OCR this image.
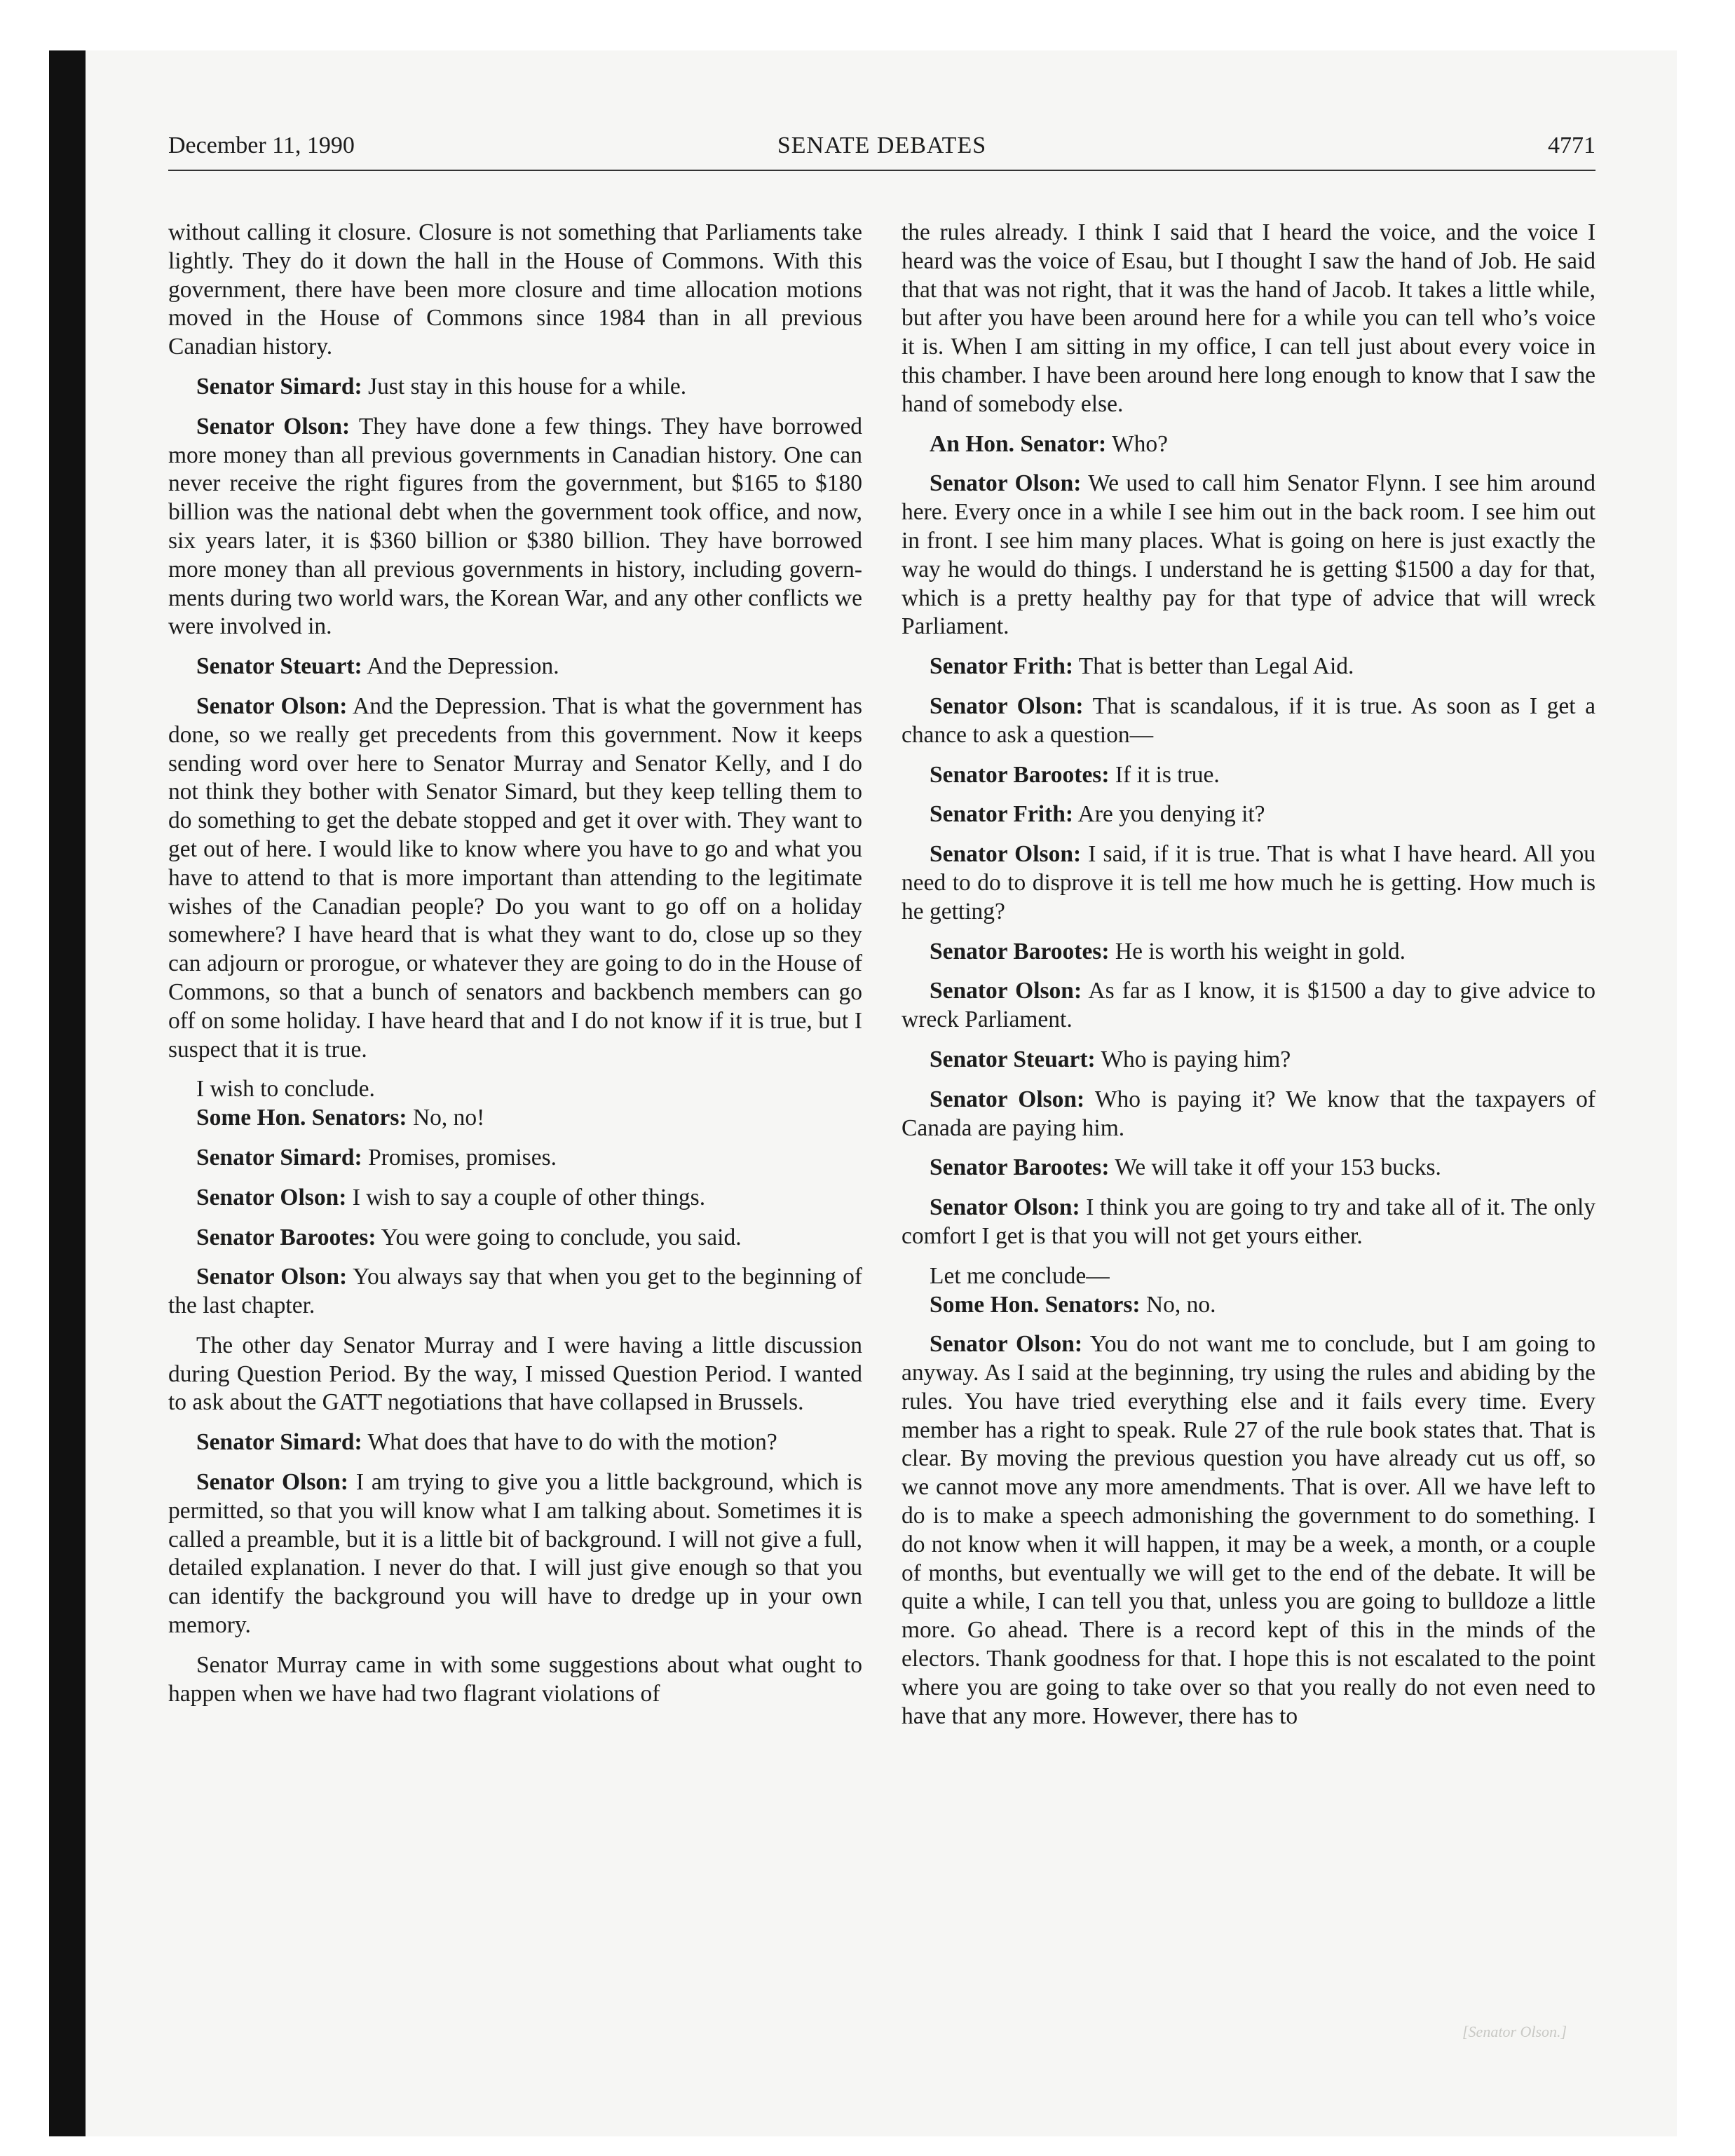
December 11, 1990	SENATE DEBATES	4771

without calling it closure. Closure is not something that Parliaments take lightly. They do it down the hall in the House of Commons. With this government, there have been more closure and time allocation motions moved in the House of Commons since 1984 than in all previous Canadian history.

Senator Simard: Just stay in this house for a while.

Senator Olson: They have done a few things. They have borrowed more money than all previous governments in Canadian history. One can never receive the right figures from the government, but $165 to $180 billion was the national debt when the government took office, and now, six years later, it is $360 billion or $380 billion. They have borrowed more money than all previous governments in history, including governments during two world wars, the Korean War, and any other conflicts we were involved in.

Senator Steuart: And the Depression.

Senator Olson: And the Depression. That is what the government has done, so we really get precedents from this government. Now it keeps sending word over here to Senator Murray and Senator Kelly, and I do not think they bother with Senator Simard, but they keep telling them to do something to get the debate stopped and get it over with. They want to get out of here. I would like to know where you have to go and what you have to attend to that is more important than attending to the legitimate wishes of the Canadian people? Do you want to go off on a holiday somewhere? I have heard that is what they want to do, close up so they can adjourn or prorogue, or whatever they are going to do in the House of Commons, so that a bunch of senators and backbench members can go off on some holiday. I have heard that and I do not know if it is true, but I suspect that it is true.

I wish to conclude.

Some Hon. Senators: No, no!

Senator Simard: Promises, promises.

Senator Olson: I wish to say a couple of other things.

Senator Barootes: You were going to conclude, you said.

Senator Olson: You always say that when you get to the beginning of the last chapter.

The other day Senator Murray and I were having a little discussion during Question Period. By the way, I missed Question Period. I wanted to ask about the GATT negotiations that have collapsed in Brussels.

Senator Simard: What does that have to do with the motion?

Senator Olson: I am trying to give you a little background, which is permitted, so that you will know what I am talking about. Sometimes it is called a preamble, but it is a little bit of background. I will not give a full, detailed explanation. I never do that. I will just give enough so that you can identify the background you will have to dredge up in your own memory.

Senator Murray came in with some suggestions about what ought to happen when we have had two flagrant violations of

the rules already. I think I said that I heard the voice, and the voice I heard was the voice of Esau, but I thought I saw the hand of Job. He said that that was not right, that it was the hand of Jacob. It takes a little while, but after you have been around here for a while you can tell who’s voice it is. When I am sitting in my office, I can tell just about every voice in this chamber. I have been around here long enough to know that I saw the hand of somebody else.

An Hon. Senator: Who?

Senator Olson: We used to call him Senator Flynn. I see him around here. Every once in a while I see him out in the back room. I see him out in front. I see him many places. What is going on here is just exactly the way he would do things. I understand he is getting $1500 a day for that, which is a pretty healthy pay for that type of advice that will wreck Parliament.

Senator Frith: That is better than Legal Aid.

Senator Olson: That is scandalous, if it is true. As soon as I get a chance to ask a question—

Senator Barootes: If it is true.

Senator Frith: Are you denying it?

Senator Olson: I said, if it is true. That is what I have heard. All you need to do to disprove it is tell me how much he is getting. How much is he getting?

Senator Barootes: He is worth his weight in gold.

Senator Olson: As far as I know, it is $1500 a day to give advice to wreck Parliament.

Senator Steuart: Who is paying him?

Senator Olson: Who is paying it? We know that the taxpayers of Canada are paying him.

Senator Barootes: We will take it off your 153 bucks.

Senator Olson: I think you are going to try and take all of it. The only comfort I get is that you will not get yours either.

Let me conclude—

Some Hon. Senators: No, no.

Senator Olson: You do not want me to conclude, but I am going to anyway. As I said at the beginning, try using the rules and abiding by the rules. You have tried everything else and it fails every time. Every member has a right to speak. Rule 27 of the rule book states that. That is clear. By moving the previous question you have already cut us off, so we cannot move any more amendments. That is over. All we have left to do is to make a speech admonishing the government to do something. I do not know when it will happen, it may be a week, a month, or a couple of months, but eventually we will get to the end of the debate. It will be quite a while, I can tell you that, unless you are going to bulldoze a little more. Go ahead. There is a record kept of this in the minds of the electors. Thank goodness for that. I hope this is not escalated to the point where you are going to take over so that you really do not even need to have that any more. However, there has to

[Senator Olson.]
